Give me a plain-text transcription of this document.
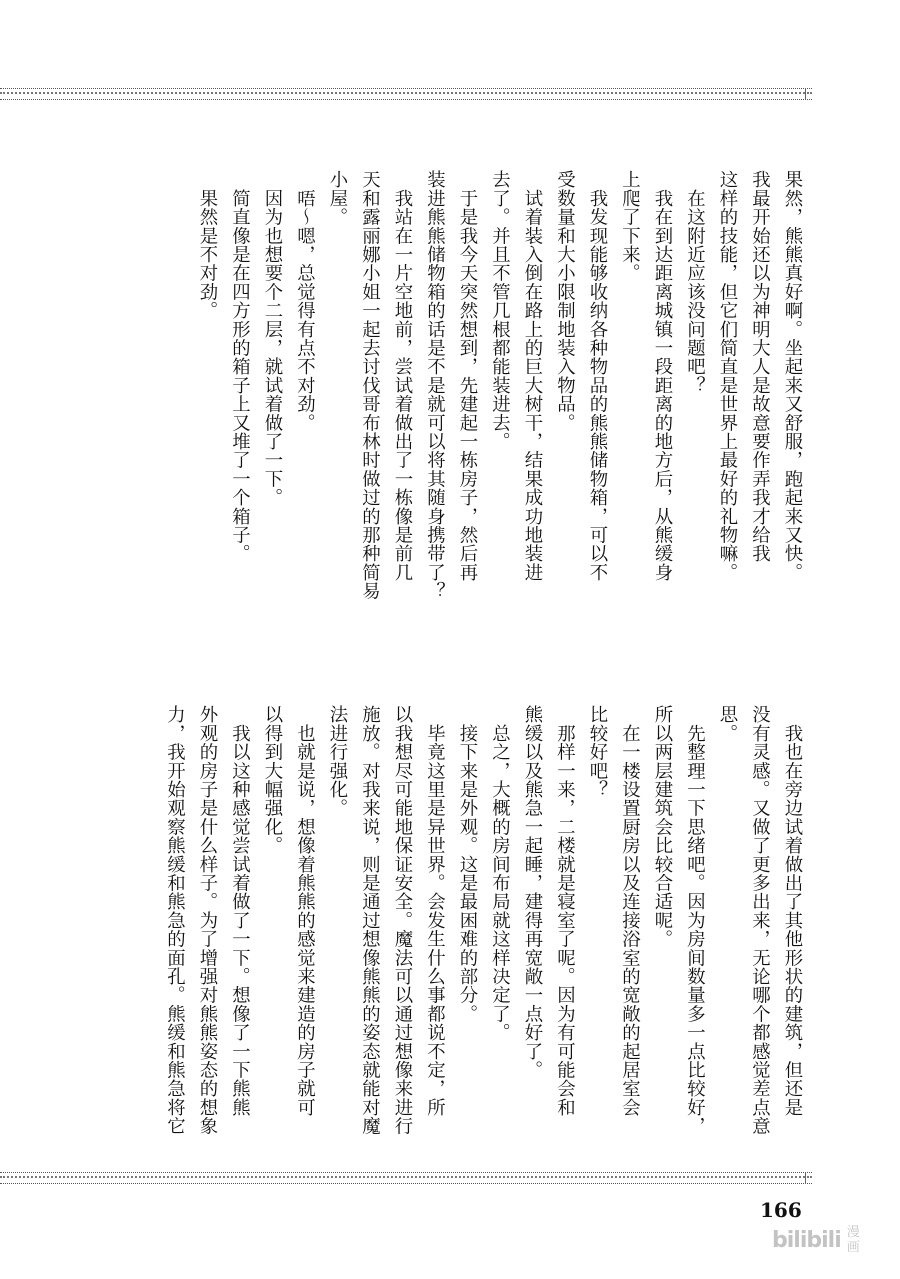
果然，熊熊真好啊。坐起来又舒服，跑起来又快。

我最开始还以为神明大人是故意要作弄我才给我

这样的技能，但它们简直是世界上最好的礼物嘛。

　在这附近应该没问题吧？

　我在到达距离城镇一段距离的地方后，从熊缓身

上爬了下来。

　我发现能够收纳各种物品的熊熊储物箱，可以不

受数量和大小限制地装入物品。

　试着装入倒在路上的巨大树干，结果成功地装进

去了。并且不管几根都能装进去。

　于是我今天突然想到，先建起一栋房子，然后再

装进熊熊储物箱的话是不是就可以将其随身携带了？

　我站在一片空地前，尝试着做出了一栋像是前几

天和露丽娜小姐一起去讨伐哥布林时做过的那种简易

小屋。

　唔～嗯，总觉得有点不对劲。

　因为也想要个二层，就试着做了一下。

　简直像是在四方形的箱子上又堆了一个箱子。

　果然是不对劲。

　我也在旁边试着做出了其他形状的建筑，但还是

没有灵感。又做了更多出来，无论哪个都感觉差点意

思。

　先整理一下思绪吧。因为房间数量多一点比较好，

所以两层建筑会比较合适呢。

　在一楼设置厨房以及连接浴室的宽敞的起居室会

比较好吧？

　那样一来，二楼就是寝室了呢。因为有可能会和

熊缓以及熊急一起睡，建得再宽敞一点好了。

　总之，大概的房间布局就这样决定了。

　接下来是外观。这是最困难的部分。

　毕竟这里是异世界。会发生什么事都说不定，所

以我想尽可能地保证安全。魔法可以通过想像来进行

施放。对我来说，则是通过想像熊熊的姿态就能对魔

法进行强化。

　也就是说，想像着熊熊的感觉来建造的房子就可

以得到大幅强化。

　我以这种感觉尝试着做了一下。想像了一下熊熊

外观的房子是什么样子。为了增强对熊熊姿态的想象

力，我开始观察熊缓和熊急的面孔。熊缓和熊急将它

166
bilibili 漫
画
